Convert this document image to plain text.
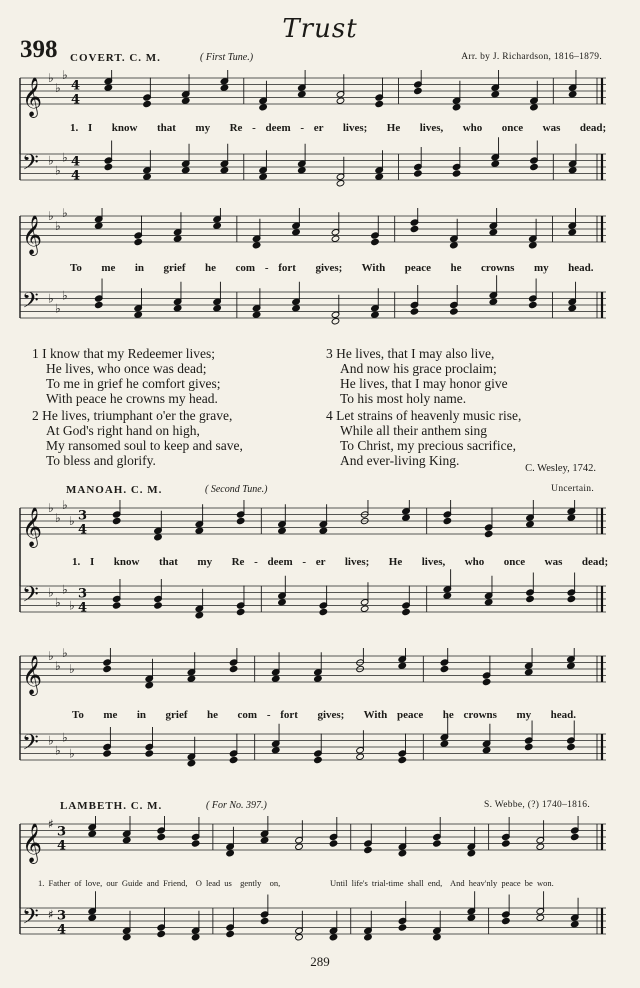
Trust
398 COVERT. C. M.	( First Tune.)	Arr. by J. Richardson, 1816–1879.
𝄞 ♭
♭
♭
4
4
𝄢 ♭
♭
♭ 4
4
1. I  know  that  my  Re - deem - er  lives;  He  lives,  who  once  was  dead;
𝄞 ♭
♭
♭
𝄢 ♭
♭
♭
To  me  in  grief  he  com - fort  gives;  With  peace  he  crowns  my  head.
1 I know that my Redeemer lives;
He lives, who once was dead;
To me in grief he comfort gives;
With peace he crowns my head.
2 He lives, triumphant o'er the grave,
At God's right hand on high,
My ransomed soul to keep and save,
To bless and glorify.
3 He lives, that I may also live,
And now his grace proclaim;
He lives, that I may honor give
To his most holy name.
4 Let strains of heavenly music rise,
While all their anthem sing
To Christ, my precious sacrifice,
And ever-living King.
C. Wesley, 1742.
MANOAH. C. M.	( Second Tune.)	Uncertain.
𝄞 ♭
♭
♭
♭ 3
4
𝄢 ♭
♭
♭
♭
3
4
1. I  know  that  my  Re - deem - er  lives;  He  lives,  who  once  was  dead;
𝄞 ♭
♭
♭
♭
𝄢 ♭
♭
♭
♭
To  me  in  grief  he  com - fort  gives;  With peace  he crowns  my  head.
LAMBETH. C. M.	( For No. 397.)	S. Webbe, (?) 1740–1816.
𝄞 ♯
3
4
𝄢 ♯ 3
4
1. Father of love, our Guide and Friend,  O lead us  gently  on,	Until life's trial-time shall end,  And heav'nly peace be won.
289
